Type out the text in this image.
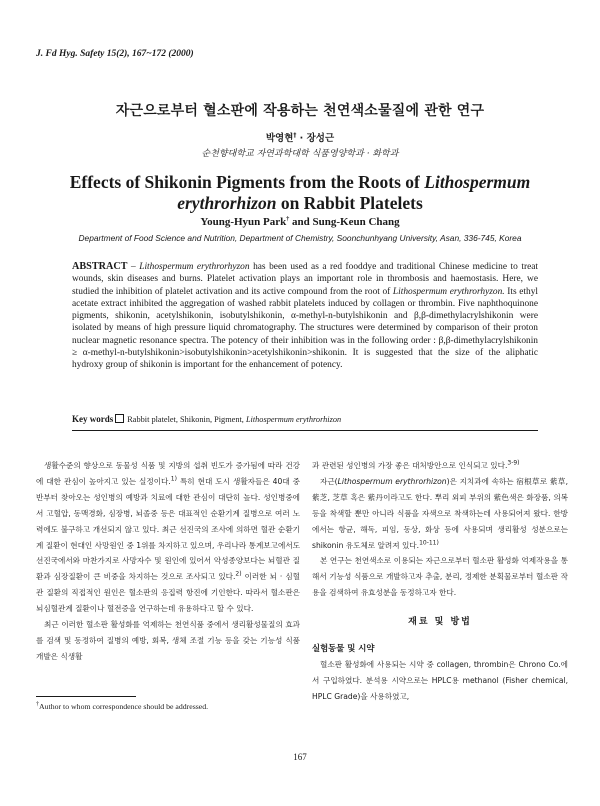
J. Fd Hyg. Safety 15(2), 167~172 (2000)
자근으로부터 혈소판에 작용하는 천연색소물질에 관한 연구
박영현† · 장성근
순천향대학교 자연과학대학 식품영양학과 · 화학과
Effects of Shikonin Pigments from the Roots of Lithospermum erythrorhizon on Rabbit Platelets
Young-Hyun Park† and Sung-Keun Chang
Department of Food Science and Nutrition, Department of Chemistry, Soonchunhyang University, Asan, 336-745, Korea

ABSTRACT – Lithospermum erythrorhyzon has been used as a red fooddye and traditional Chinese medicine to treat wounds, skin diseases and burns. Platelet activation plays an important role in thrombosis and haemostasis. Here, we studied the inhibition of platelet activation and its active compound from the root of Lithospermum erythrorhyzon. Its ethyl acetate extract inhibited the aggregation of washed rabbit platelets induced by collagen or thrombin. Five naphthoquinone pigments, shikonin, acetylshikonin, isobutylshikonin, α-methyl-n-butylshikonin and β,β-dimethylacrylshikonin were isolated by means of high pressure liquid chromatography. The structures were determined by comparison of their proton nuclear magnetic resonance spectra. The potency of their inhibition was in the following order : β,β-dimethylacrylshikonin ≥ α-methyl-n-butylshikonin>isobutylshikonin>acetylshikonin>shikonin. It is suggested that the size of the aliphatic hydroxy group of shikonin is important for the enhancement of potency.

Key words Rabbit platelet, Shikonin, Pigment, Lithospermum erythrorhizon

생활수준의 향상으로 동물성 식품 및 지방의 섭취 빈도가 증가됨에 따라 건강에 대한 관심이 높아지고 있는 실정이다.$^{1)}$ 특히 현대 도시 생활자들은 40대 중반부터 찾아오는 성인병의 예방과 치료에 대한 관심이 대단히 높다. 성인병중에서 고혈압, 동맥경화, 심장병, 뇌졸중 등은 대표적인 순환기계 질병으로 여러 노력에도 불구하고 개선되지 않고 있다. 최근 선진국의 조사에 의하면 혈관 순환기계 질환이 현대인 사망원인 중 1위를 차지하고 있으며, 우리나라 통계보고에서도 선진국에서와 마찬가지로 사망자수 및 원인에 있어서 악성종양보다는 뇌혈관 질환과 심장질환이 큰 비중을 차지하는 것으로 조사되고 있다.$^{2)}$ 이러한 뇌 · 심혈관 질환의 직접적인 원인은 혈소판의 응집력 항진에 기인한다. 따라서 혈소판은 뇌심혈관계 질환이나 혈전증을 연구하는데 유용하다고 할 수 있다.

최근 이러한 혈소판 활성화를 억제하는 천연식품 중에서 생리활성물질의 효과를 검색 및 동정하여 질병의 예방, 회복, 생체 조절 기능 등을 갖는 기능성 식품 개발은 식생활

과 관련된 성인병의 가장 좋은 대처방안으로 인식되고 있다.$^{3-9)}$

자근(Lithospermum erythrorhizon)은 지치과에 속하는 宿根草로 紫草, 紫芝, 芝草 혹은 紫丹이라고도 한다. 뿌리 외피 부위의 紫色색은 화장품, 의복 등을 착색할 뿐만 아니라 식품을 자색으로 착색하는데 사용되어져 왔다. 한방에서는 항균, 해독, 피임, 동상, 화상 등에 사용되며 생리활성 성분으로는 shikonin 유도체로 알려져 있다.$^{10-11)}$

본 연구는 천연색소로 이용되는 자근으로부터 혈소판 활성화 억제작용을 통해서 기능성 식품으로 개발하고자 추출, 분리, 정제한 분획물로부터 혈소판 작용을 검색하여 유효성분을 동정하고자 한다.

재료 및 방법
실험동물 및 시약

혈소판 활성화에 사용되는 시약 중 collagen, thrombin은 Chrono Co.에서 구입하였다. 분석용 시약으로는 HPLC용 methanol (Fisher chemical, HPLC Grade)을 사용하였고,

†Author to whom correspondence should be addressed.
167
